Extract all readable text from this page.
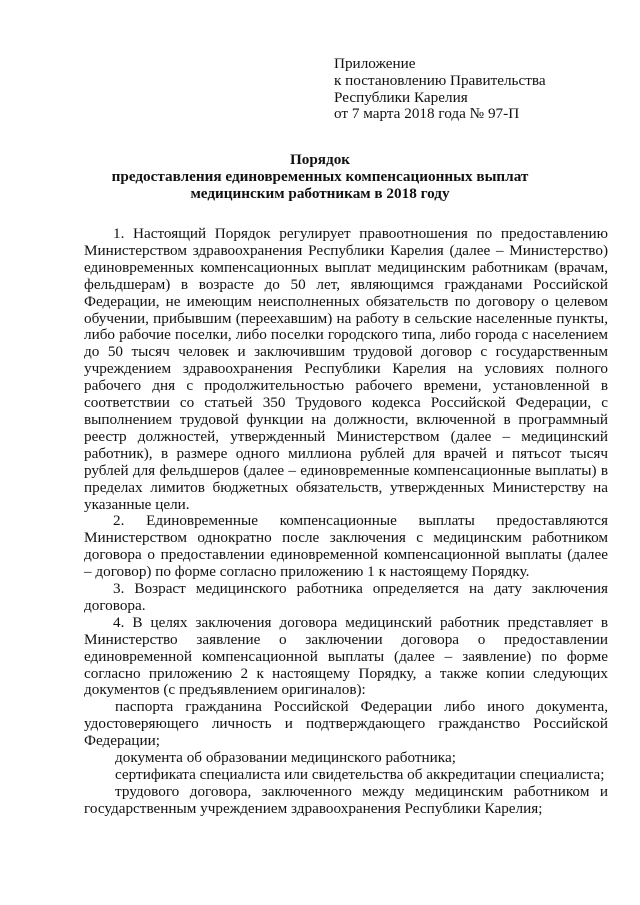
Приложение
к постановлению Правительства
Республики Карелия
от 7 марта 2018 года № 97-П
Порядок
предоставления единовременных компенсационных выплат
медицинским работникам в 2018 году

1. Настоящий Порядок регулирует правоотношения по предоставлению Министерством здравоохранения Республики Карелия (далее – Министерство) единовременных компенсационных выплат медицинским работникам (врачам, фельдшерам) в возрасте до 50 лет, являющимся гражданами Российской Федерации, не имеющим неисполненных обязательств по договору о целевом обучении, прибывшим (переехавшим) на работу в сельские населенные пункты, либо рабочие поселки, либо поселки городского типа, либо города с населением до 50 тысяч человек и заключившим трудовой договор с государственным учреждением здравоохранения Республики Карелия на условиях полного рабочего дня с продолжительностью рабочего времени, установленной в соответствии со статьей 350 Трудового кодекса Российской Федерации, с выполнением трудовой функции на должности, включенной в программный реестр должностей, утвержденный Министерством (далее – медицинский работник), в размере одного миллиона рублей для врачей и пятьсот тысяч рублей для фельдшеров (далее – единовременные компенсационные выплаты) в пределах лимитов бюджетных обязательств, утвержденных Министерству на указанные цели.

2. Единовременные компенсационные выплаты предоставляются Министерством однократно после заключения с медицинским работником договора о предоставлении единовременной компенсационной выплаты (далее – договор) по форме согласно приложению 1 к настоящему Порядку.

3. Возраст медицинского работника определяется на дату заключения договора.

4. В целях заключения договора медицинский работник представляет в Министерство заявление о заключении договора о предоставлении единовременной компенсационной выплаты (далее – заявление) по форме согласно приложению 2 к настоящему Порядку, а также копии следующих документов (с предъявлением оригиналов):

паспорта гражданина Российской Федерации либо иного документа, удостоверяющего личность и подтверждающего гражданство Российской Федерации;

документа об образовании медицинского работника;

сертификата специалиста или свидетельства об аккредитации специалиста;

трудового договора, заключенного между медицинским работником и государственным учреждением здравоохранения Республики Карелия;
